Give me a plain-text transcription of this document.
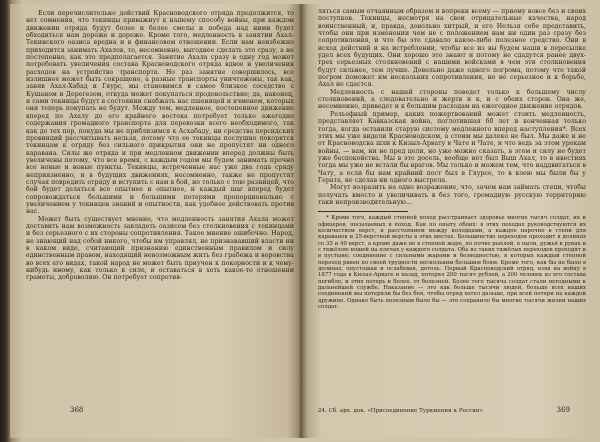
Если перечислительно действий Красноводского отряда продолжится, то нет сомнения, что текинцы приважнут к нашему способу войны, при каждом движении отряда будут более и более смелы и победа над ними будет обходиться нам дороже и дороже. Кроме того, медленность в занятии Ахал-Текинского оазиса вредна и в финансовом отношении. Если нам неизбежно приходится занимать Ахалов, то, несомненно, выгоднее сделать это сразу, а не постепенно, как это предполагается. Занятие Ахала сразу в одну год может потребовать увеличения состава Красноводского отряда вдвое и увеличения расходов на устройство транспорта. Но раз занятие совершилось, все излишнее может быть сокращено, а разные транспорты уничтожены, так как, заняв Ахал-Хабад и Гяурс, мы становимся в самое близкое соседство с Кушаном и Дерегезом, откуда может покупаться продовольствие; да, наконец, и сами текинцы будут в состоянии снабжать нас пшеницей и ячменем, которых они теперь покупать не будут. Между тем, медленное, постепенное движение вперед по Ахалу до его крайнего востока потребует только ежегодно содержания громадного транспорта для перевозки всего необходимого, так как до тех пор, покуда мы не приблизимся к Асхабаду, ни средства персидских провинций рассчитывать нельзя, потому что ее текинцы послушно покорятся текинцам к отряду без сильного прикрытия они не пропустят ни одного каравана. Силы же отряда и при медленном движении вперед должны быть увеличены потому, что все время, с каждым годом мы будем занимать прочно все новые и новые пункты. Текинцы, встреченные нас уже два года сряду неприязненно, и в будущих движениях, несомненно, также не пропустят случая повредить отряду и вступить с нам в бой, но только с тою разницей, что бой будет делаться все опытнее и опытнее, и каждый шаг вперед будет сопровождаться большими и большими потерями пропорционально с увеличением у текинцев знаний и опытности, как удобнее действовать против нас.

Может быть существует мнение, что медленность занятия Ахала может доставить нам возможность завладеть оазисом без столкновения с текинцами и без серьезного с их стороны сопротивления. Такое мнение ошибочно. Народ, не знающий над собой никого, чтобы им управлял, не признававший власти ни в каком виде, считающий признанию единственным правилом и силу единственным правом, находящий невозможным жить без грабежа и воровства во всех его видах, такой народ не может быть приучен к покорности и к чему-нибудь иному, как только к силе, и оставаться в хоть какое-то отношении грамоты, доброволию. Он потребует сопротив-

368

ляться самым отчаянным образом и вопреки всему — приему вовсе без и своих поступков. Текинцы, несмотря на свои отрицательные качества, народ воинственный, и, правда, довольно хитрый, и его Нельзя себе представить, чтобы они при изменении чем не с положением нам ни один раз сразу без сопротивления, и что бы это сдавало какое-либо полезное средство. Они в исход действий и на истреблении, чтобы все из вы будем наши в пересылке удел всех будущих. Они хорошо это знают и потому не сдадутся ранее двух-трех серьезных столкновений с нашими войсками в чем эти столкновения будут сильнее, тем лучше. Довольно даже одного погрома, потому что такой погром поможет им нескольких сопротивления, но не серьезное и к борьбе, Ахал не сдастся.

Медленность с нашей стороны поведет только к большему числу столкновений, а следовательно и жертв и к, и с обеих сторон. Она же, несомненно, приведет и к большим расходам на ежегодное движение отрядов.

Рельефный пример, каких пожертвований может стоить медленность, представляет Кавказская война, поглотившая 60 лет и конченная только тогда, когда оставили старую систему медленного вперед наступления*. Всех этих мы уже видели Красноводском, а стоим мы далеко не был. Мы даже и не от Красноводска шли к Кизыл-Арвату в Чате и Чате, и что ведь за этом урокам войны, — вам, ни не пред цели, но уже можно сказать, в этом и силу не будет уже беспокойства. Мы в это досель, вообще нет был Выш Ахал, то в ивестиях тогда мы уже не встали бы врагов. Мы только и можем тем, что наддвигаться в Чату, а если бы нам крайний пост был в Гяурсе, то в коею мы были бы у Герата, не сделав ни одного выстрела.

Могут возразить на одно возражение, что, зачем нам займать степи, чтобы получать вместо и увеличивать в без того, громадную русскую территорию таки непроизводительную...

* Кроме того, каждый степной поход расстраивает здоровье многих тысяч солдат, их и офицеров, посылаемых в поход. Как по опыту обоих: в этих походах руководствуются их количеством верст, и расстоянием между колодцами, а каждое нарочно в степи для караванов и 25-верстной версты в этих местах. Большинство переходов проходит в долинах со 35 и 40 верст, а кроме даже не в степной жаре, по почве рыхлой, в пыли, ружьё в руках и с тяжёлою ношей на плечах у каждого солдата. Оба из таких тяжёлых переходов проходят и в пустыне; соединение с сильными жарами и безводностью, в которых каждый степной переход равен по своей трудности нескольким большим боям. Кроме того, как бы не было в долинах, опустошая и ослабевая, дотоль. Первый Красноводский отряд, взяв на войну в 1877 года в Кизыл-Арвате и назад, потерял 200 тысяч рублей, а 200 человек из его состава погибло, и этих потерь и более, от болезней. Более того тысяча солдат стали негодными к дальнейшей службе. Наказание — это как больше тысячи людей, больше всех наших соединений мы потеряли бы без боя, чтобы отряд хотел дальше, при всей потери на каждой дружине. Однако быть полезным было бы — это сохранило бы многие тысячи жизни наших солдат.

24. Сб. арх. док. «Присоединение Туркмении к России»	369
